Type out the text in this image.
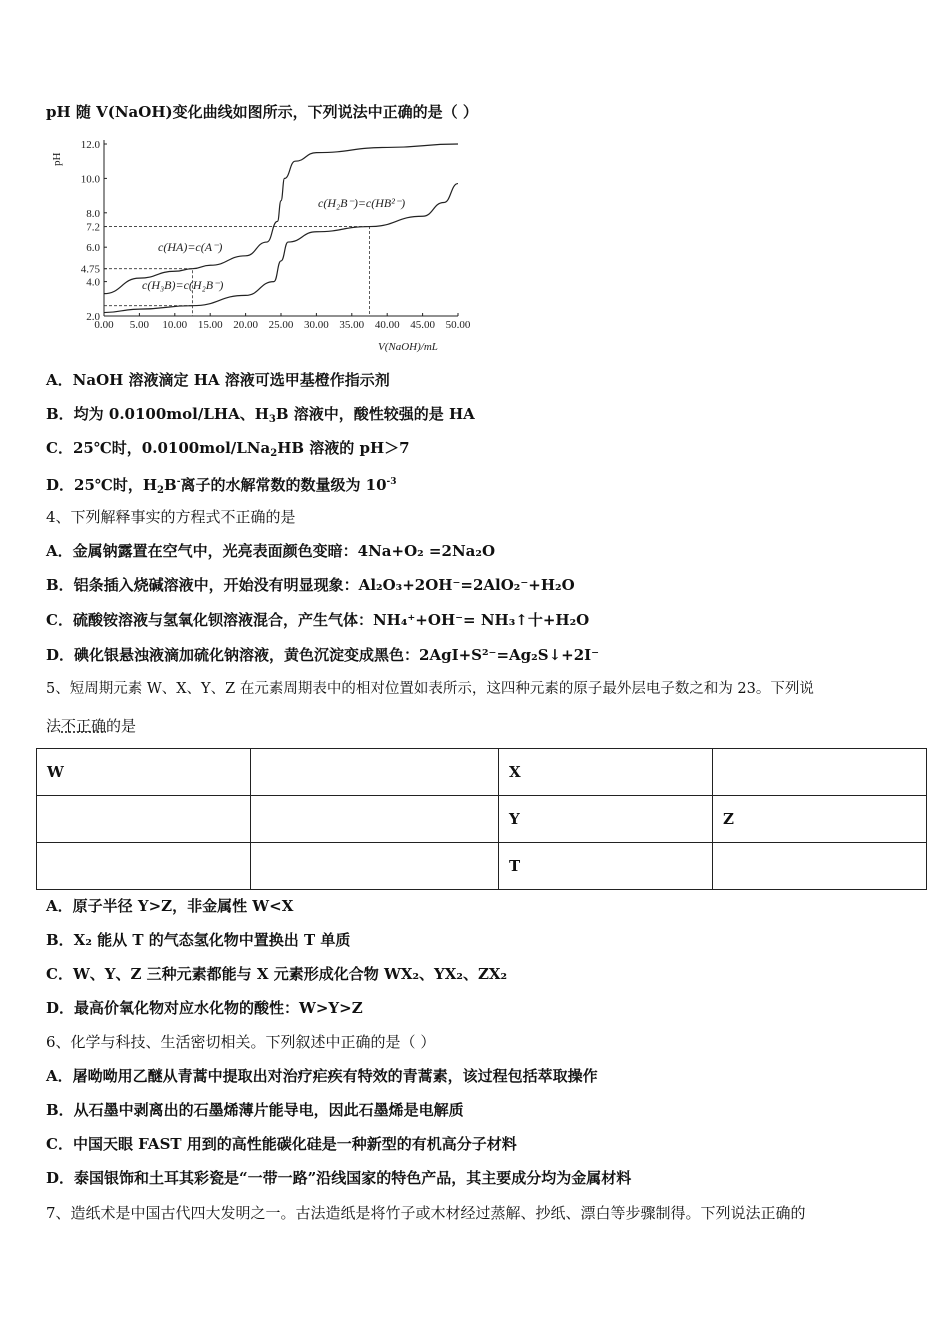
pH 随 V(NaOH)变化曲线如图所示，下列说法中正确的是（ ）
0.00 5.00 10.00 15.00 20.00 25.00 30.00 35.00 40.00 45.00 50.00
2.0
4.0
4.75
6.0
7.2
8.0
10.0
12.0
c(HA)=c(A⁻)
c(H₃B)=c(H₂B⁻)
c(H₂B⁻)=c(HB²⁻)
pH
V(NaOH)/mL
A．NaOH 溶液滴定 HA 溶液可选甲基橙作指示剂
B．均为 0.0100mol/LHA、$H_3B$ 溶液中，酸性较强的是 HA
C．25℃时，0.0100mol/LNa$_2$HB 溶液的 pH＞7
D．25℃时，$H_2B^-$离子的水解常数的数量级为 $10^{-3}$
4、下列解释事实的方程式不正确的是
A．金属钠露置在空气中，光亮表面颜色变暗：4Na+O₂ =2Na₂O
B．铝条插入烧碱溶液中，开始没有明显现象：Al₂O₃+2OH⁻=2AlO₂⁻+H₂O
C．硫酸铵溶液与氢氧化钡溶液混合，产生气体：NH₄⁺+OH⁻= NH₃↑十+H₂O
D．碘化银悬浊液滴加硫化钠溶液，黄色沉淀变成黑色：2AgI+S²⁻=Ag₂S↓+2I⁻
5、短周期元素 W、X、Y、Z 在元素周期表中的相对位置如表所示，这四种元素的原子最外层电子数之和为 23。下列说
法不正确的是
W		X	
		Y	Z
		T	
A．原子半径 Y>Z，非金属性 W<X
B．X₂ 能从 T 的气态氢化物中置换出 T 单质
C．W、Y、Z 三种元素都能与 X 元素形成化合物 WX₂、YX₂、ZX₂
D．最高价氧化物对应水化物的酸性：W>Y>Z
6、化学与科技、生活密切相关。下列叙述中正确的是（ ）
A．屠呦呦用乙醚从青蒿中提取出对治疗疟疾有特效的青蒿素，该过程包括萃取操作
B．从石墨中剥离出的石墨烯薄片能导电，因此石墨烯是电解质
C．中国天眼 FAST 用到的高性能碳化硅是一种新型的有机高分子材料
D．泰国银饰和土耳其彩瓷是“一带一路”沿线国家的特色产品，其主要成分均为金属材料
7、造纸术是中国古代四大发明之一。古法造纸是将竹子或木材经过蒸解、抄纸、漂白等步骤制得。下列说法正确的
